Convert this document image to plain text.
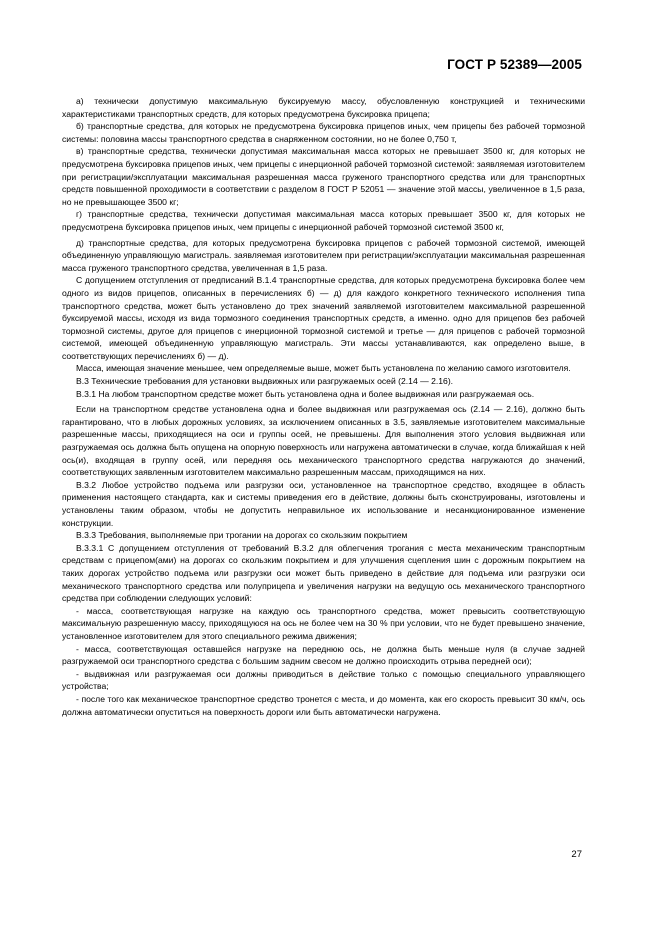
ГОСТ Р 52389—2005

а) технически допустимую максимальную буксируемую массу, обусловленную конструкцией и техническими характеристиками транспортных средств, для которых предусмотрена буксировка прицепа;

б) транспортные средства, для которых не предусмотрена буксировка прицепов иных, чем прицепы без рабочей тормозной системы: половина массы транспортного средства в снаряженном состоянии, но не более 0,750 т,

в) транспортные средства, технически допустимая максимальная масса которых не превышает 3500 кг, для которых не предусмотрена буксировка прицепов иных, чем прицепы с инерционной рабочей тормозной системой: заявляемая изготовителем при регистрации/эксплуатации максимальная разрешенная масса груженого транспортного средства или для транспортных средств повышенной проходимости в соответствии с разделом 8 ГОСТ Р 52051 — значение этой массы, увеличенное в 1,5 раза, но не превышающее 3500 кг;

г) транспортные средства, технически допустимая максимальная масса которых превышает 3500 кг, для которых не предусмотрена буксировка прицепов иных, чем прицепы с инерционной рабочей тормозной системой 3500 кг,

д) транспортные средства, для которых предусмотрена буксировка прицепов с рабочей тормозной системой, имеющей объединенную управляющую магистраль. заявляемая изготовителем при регистрации/эксплуатации максимальная разрешенная масса груженого транспортного средства, увеличенная в 1,5 раза.

С допущением отступления от предписаний В.1.4 транспортные средства, для которых предусмотрена буксировка более чем одного из видов прицепов, описанных в перечислениях б) — д) для каждого конкретного технического исполнения типа транспортного средства, может быть установлено до трех значений заявляемой изготовителем максимальной разрешенной буксируемой массы, исходя из вида тормозного соединения транспортных средств, а именно. одно для прицепов без рабочей тормозной системы, другое для прицепов с инерционной тормозной системой и третье — для прицепов с рабочей тормозной системой, имеющей объединенную управляющую магистраль. Эти массы устанавливаются, как определено выше, в соответствующих перечислениях б) — д).

Масса, имеющая значение меньшее, чем определяемые выше, может быть установлена по желанию самого изготовителя.

В.3 Технические требования для установки выдвижных или разгружаемых осей (2.14 — 2.16).

В.3.1 На любом транспортном средстве может быть установлена одна и более выдвижная или разгружаемая ось.

Если на транспортном средстве установлена одна и более выдвижная или разгружаемая ось (2.14 — 2.16), должно быть гарантировано, что в любых дорожных условиях, за исключением описанных в 3.5, заявляемые изготовителем максимальные разрешенные массы, приходящиеся на оси и группы осей, не превышены. Для выполнения этого условия выдвижная или разгружаемая ось должна быть опущена на опорную поверхность или нагружена автоматически в случае, когда ближайшая к ней ось(и), входящая в группу осей, или передняя ось механического транспортного средства нагружаются до значений, соответствующих заявленным изготовителем максимально разрешенным массам, приходящимся на них.

В.3.2 Любое устройство подъема или разгрузки оси, установленное на транспортное средство, входящее в область применения настоящего стандарта, как и системы приведения его в действие, должны быть сконструированы, изготовлены и установлены таким образом, чтобы не допустить неправильное их использование и несанкционированное изменение конструкции.

В.3.3 Требования, выполняемые при трогании на дорогах со скользким покрытием

В.3.3.1 С допущением отступления от требований В.3.2 для облегчения трогания с места механическим транспортным средствам с прицепом(ами) на дорогах со скользким покрытием и для улучшения сцепления шин с дорожным покрытием на таких дорогах устройство подъема или разгрузки оси может быть приведено в действие для подъема или разгрузки оси механического транспортного средства или полуприцепа и увеличения нагрузки на ведущую ось механического транспортного средства при соблюдении следующих условий:

- масса, соответствующая нагрузке на каждую ось транспортного средства, может превысить соответствующую максимальную разрешенную массу, приходящуюся на ось не более чем на 30 % при условии, что не будет превышено значение, установленное изготовителем для этого специального режима движения;

- масса, соответствующая оставшейся нагрузке на переднюю ось, не должна быть меньше нуля (в случае задней разгружаемой оси транспортного средства с большим задним свесом не должно происходить отрыва передней оси);

- выдвижная или разгружаемая оси должны приводиться в действие только с помощью специального управляющего устройства;

- после того как механическое транспортное средство тронется с места, и до момента, как его скорость превысит 30 км/ч, ось должна автоматически опуститься на поверхность дороги или быть автоматически нагружена.

27
